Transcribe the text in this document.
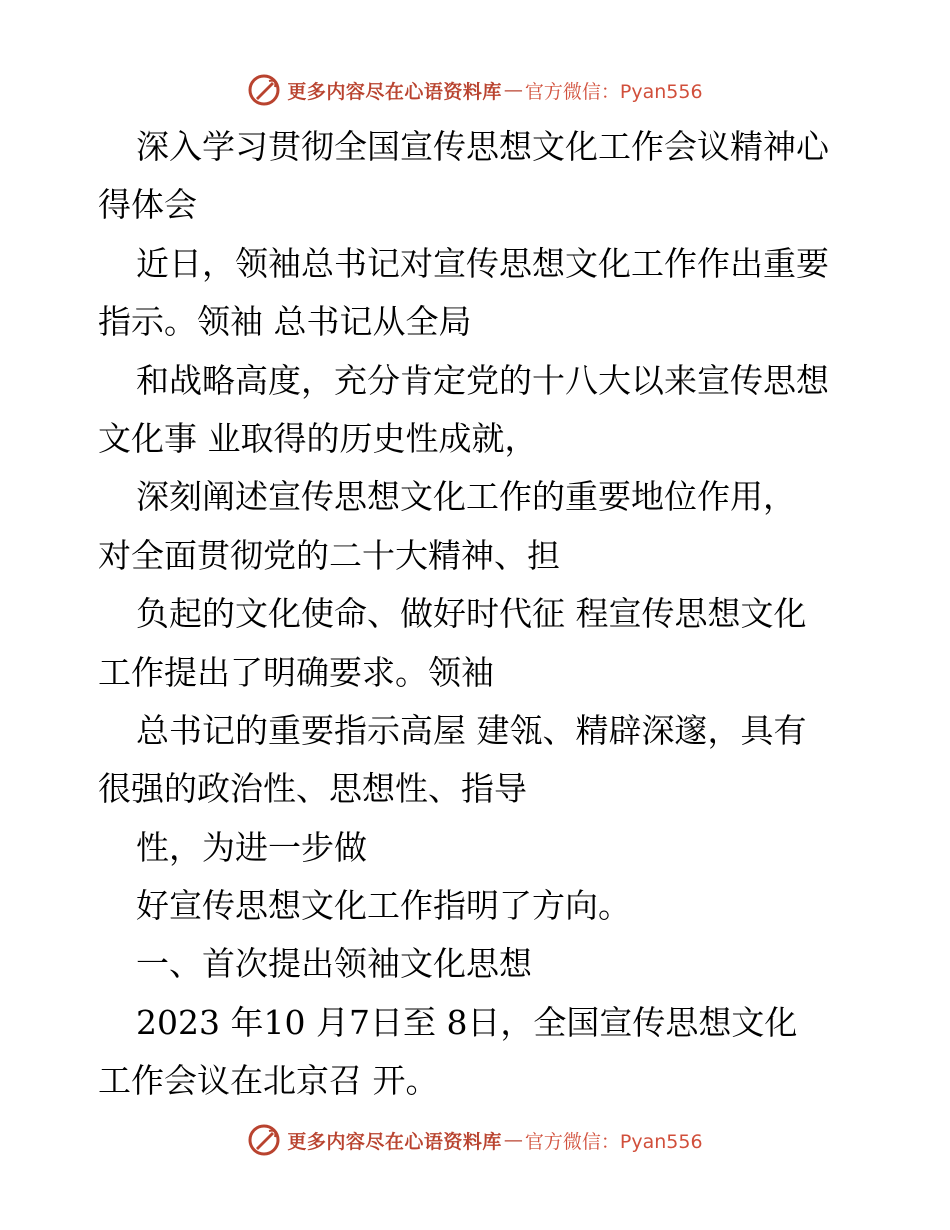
更多内容尽在心语资料库 — 官方微信：Pyan556
深入学习贯彻全国宣传思想文化工作会议精神心
得体会
近日，领袖总书记对宣传思想文化工作作出重要
指示。领袖 总书记从全局
和战略高度，充分肯定党的十八大以来宣传思想
文化事 业取得的历史性成就，
深刻阐述宣传思想文化工作的重要地位作用，
对全面贯彻党的二十大精神、担
负起的文化使命、做好时代征 程宣传思想文化
工作提出了明确要求。领袖
总书记的重要指示高屋 建瓴、精辟深邃，具有
很强的政治性、思想性、指导
性，为进一步做
好宣传思想文化工作指明了方向。
一、首次提出领袖文化思想
2023 年10 月7日至 8日，全国宣传思想文化
工作会议在北京召 开。
更多内容尽在心语资料库 — 官方微信：Pyan556
